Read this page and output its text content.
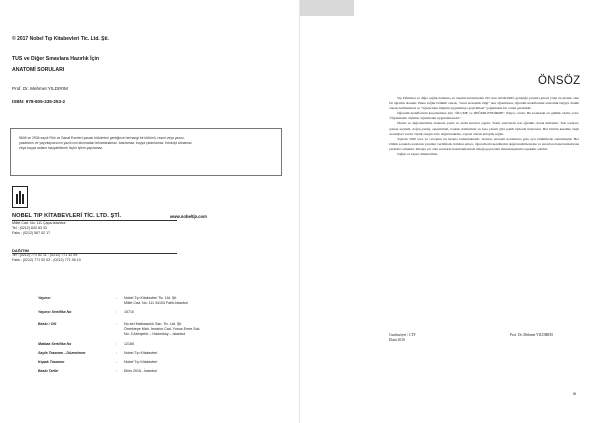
© 2017 Nobel Tıp Kitabevleri Tic. Ltd. Şti.
TUS ve Diğer Sınavlara Hazırlık İçin
ANATOMİ SORULARI
Prof. Dr. Mehmet YILDIRIM
ISBN: 978-605-335-253-2
5846 ve 2936 sayılı Fikir ve Sanat Eserleri yasası hükümleri gereğince herhangi bir bölümü, resmi veya yazısı,
yazarların ve yayınlayıcısının yazılı izni alınmadan tekrarlanamaz, basılamaz, kopya çıkarılamaz, fotokopi alınamaz
veya kopya anlamı taşıyabilecek hiçbir işlem yapılamaz.
NOBEL TIP KİTABEVLERİ TİC. LTD. ŞTİ.	www.nobeltip.com
Millet Cad. No: 111 Çapa-İstanbul
Tel : (0212) 632 83 33
Faks : (0212) 587 02 17
DAĞITIM
Tel : (0212) 771 52 11 - (0212) 771 32 09
Faks : (0212) 771 52 03 - (0212) 771 06 10
Yayıncı	: Nobel Tıp Kitabevleri Tic. Ltd. Şti.
Millet Cad. No: 111 34104 Fatih-İstanbul
Yayıncı Sertifika No	: 15710
Baskı / Cilt	: No-bel Matbaacılık San. Tic. Ltd. Şti.
Örnektepe Mah. İmrahor Cad. Yunus Emre Sok.
No: 3 Altınşehir – Hadımköy – İstanbul
Matbaa Sertifika No	: 12165
Sayfa Tasarımı - Düzenleme	: Nobel Tıp Kitabevleri
Kapak Tasarımı	: Nobel Tıp Kitabevleri
Baskı Tarihi	: Ekim 2016 - İstanbul
ÖNSÖZ

Tıp Fakültesi ve diğer sağlık dallarına en önemli derslerinden biri olan ANATOMİ, genişliği yanında görsel yönü ön planda olan bir öğretim alanıdır. Bunu sağlık bölümü olarak, "nasıl anatomik bilgi" tanı öğretilmesi, öğrenim hedeflerinin anatomik bilgiye dönük olarak belirlenmesi ve "öğrenciden bilginin uygulamaya geçirilmesi" yoğunluklu bir ortam gereklidir.

Öğrenim hedeflerinin karşılanması için "ÖLÇME ve DEĞERLENDİRME" ihtiyaç vardır. Bu konudaki en günlük ölçme yolu: "Öğrenilenin ölçümü, öğrenilenin uygulanmasıdır."

Ölçme ve değerlendirme alanında yazılı ve sözlü sınavlar yapılır. Yazılı sınavlarda test ağırlıklı olarak kullanılır. Test soruları; çoktan seçmeli, doğru-yanlış, eşleştirmeli, boşluk doldurmalı ve kısa yanıtlı gibi çeşitli tiplerde hazırlanır. Her birinin kendine özgü avantajları vardır. Optik okuyucu ile değerlendirme, sayısal olarak kolaylık sağlar.

Toplam 3500 soru ve cevapları bu kitapta bulunmaktadır. Sorular, anatomi konularına göre ayrı bölümlerde sunulmuştur. Her bölüm sonunda soruların yanıtları verilmiştir. Kitabın amacı, öğrencilerin kendilerini değerlendirmelerine ve sınavlara hazırlanmalarına yardımcı olmaktır. Kitapta yer alan soruların hazırlanmasında emeği geçen tüm meslektaşlarıma teşekkür ederim.

Sağlık ve başarı dileklerimle.

Cumhuriyet / CTF
Ekim 2016
Prof. Dr. Mehmet YILDIRIM
III
